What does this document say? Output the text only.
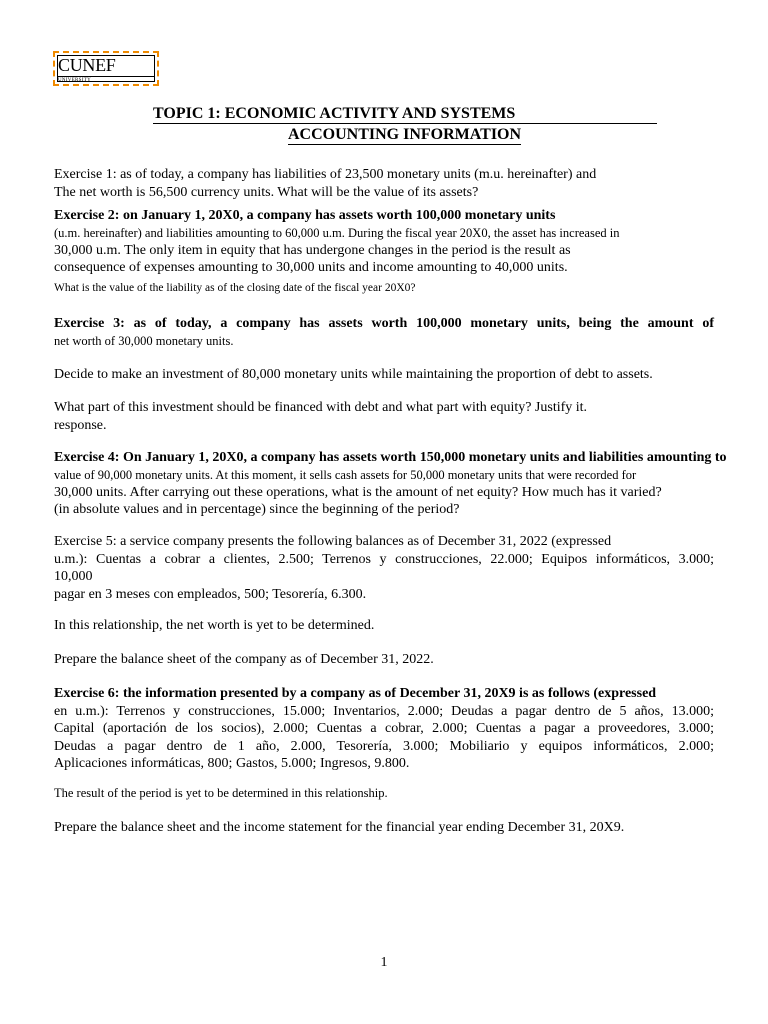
CUNEF
UNIVERSITY
TOPIC 1: ECONOMIC ACTIVITY AND SYSTEMS
ACCOUNTING INFORMATION

Exercise 1: as of today, a company has liabilities of 23,500 monetary units (m.u. hereinafter) and

The net worth is 56,500 currency units. What will be the value of its assets?

Exercise 2: on January 1, 20X0, a company has assets worth 100,000 monetary units

(u.m. hereinafter) and liabilities amounting to 60,000 u.m. During the fiscal year 20X0, the asset has increased in

30,000 u.m. The only item in equity that has undergone changes in the period is the result as

consequence of expenses amounting to 30,000 units and income amounting to 40,000 units.

What is the value of the liability as of the closing date of the fiscal year 20X0?

Exercise 3: as of today, a company has assets worth 100,000 monetary units, being the amount of

net worth of 30,000 monetary units.

Decide to make an investment of 80,000 monetary units while maintaining the proportion of debt to assets.

What part of this investment should be financed with debt and what part with equity? Justify it.

response.

Exercise 4: On January 1, 20X0, a company has assets worth 150,000 monetary units and liabilities amounting to

value of 90,000 monetary units. At this moment, it sells cash assets for 50,000 monetary units that were recorded for

30,000 units. After carrying out these operations, what is the amount of net equity? How much has it varied?

(in absolute values and in percentage) since the beginning of the period?

Exercise 5: a service company presents the following balances as of December 31, 2022 (expressed

u.m.): Cuentas a cobrar a clientes, 2.500; Terrenos y construcciones, 22.000; Equipos informáticos, 3.000;

10,000

pagar en 3 meses con empleados, 500; Tesorería, 6.300.

In this relationship, the net worth is yet to be determined.

Prepare the balance sheet of the company as of December 31, 2022.

Exercise 6: the information presented by a company as of December 31, 20X9 is as follows (expressed

en u.m.): Terrenos y construcciones, 15.000; Inventarios, 2.000; Deudas a pagar dentro de 5 años, 13.000;

Capital (aportación de los socios), 2.000; Cuentas a cobrar, 2.000; Cuentas a pagar a proveedores, 3.000;

Deudas a pagar dentro de 1 año, 2.000, Tesorería, 3.000; Mobiliario y equipos informáticos, 2.000;

Aplicaciones informáticas, 800; Gastos, 5.000; Ingresos, 9.800.

The result of the period is yet to be determined in this relationship.

Prepare the balance sheet and the income statement for the financial year ending December 31, 20X9.

1
